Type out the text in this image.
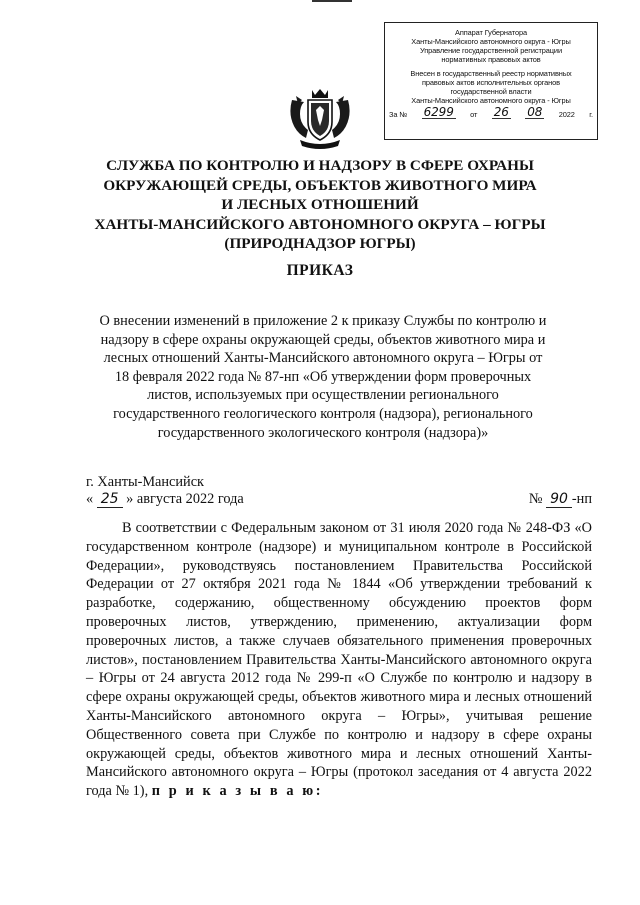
Аппарат Губернатора
Ханты-Мансийского автономного округа - Югры
Управление государственной регистрации
нормативных правовых актов
Внесен в государственный реестр нормативных
правовых актов исполнительных органов
государственной власти
Ханты-Мансийского автономного округа - Югры
За № 6299 от 26 08 2022 г.
СЛУЖБА ПО КОНТРОЛЮ И НАДЗОРУ В СФЕРЕ ОХРАНЫ
ОКРУЖАЮЩЕЙ СРЕДЫ, ОБЪЕКТОВ ЖИВОТНОГО МИРА
И ЛЕСНЫХ ОТНОШЕНИЙ
ХАНТЫ-МАНСИЙСКОГО АВТОНОМНОГО ОКРУГА – ЮГРЫ
(ПРИРОДНАДЗОР ЮГРЫ)
ПРИКАЗ
О внесении изменений в приложение 2 к приказу Службы по контролю и
надзору в сфере охраны окружающей среды, объектов животного мира и
лесных отношений Ханты-Мансийского автономного округа – Югры от
18 февраля 2022 года № 87-нп «Об утверждении форм проверочных
листов, используемых при осуществлении регионального
государственного геологического контроля (надзора), регионального
государственного экологического контроля (надзора)»
г. Ханты-Мансийск
« 25 » августа 2022 года	№ 90 -нп
В соответствии с Федеральным законом от 31 июля 2020 года № 248-ФЗ «О государственном контроле (надзоре) и муниципальном контроле в Российской Федерации», руководствуясь постановлением Правительства Российской Федерации от 27 октября 2021 года № 1844 «Об утверждении требований к разработке, содержанию, общественному обсуждению проектов форм проверочных листов, утверждению, применению, актуализации форм проверочных листов, а также случаев обязательного применения проверочных листов», постановлением Правительства Ханты-Мансийского автономного округа – Югры от 24 августа 2012 года № 299-п «О Службе по контролю и надзору в сфере охраны окружающей среды, объектов животного мира и лесных отношений Ханты-Мансийского автономного округа – Югры», учитывая решение Общественного совета при Службе по контролю и надзору в сфере охраны окружающей среды, объектов животного мира и лесных отношений Ханты-Мансийского автономного округа – Югры (протокол заседания от 4 августа 2022 года № 1), п р и к а з ы в а ю:
